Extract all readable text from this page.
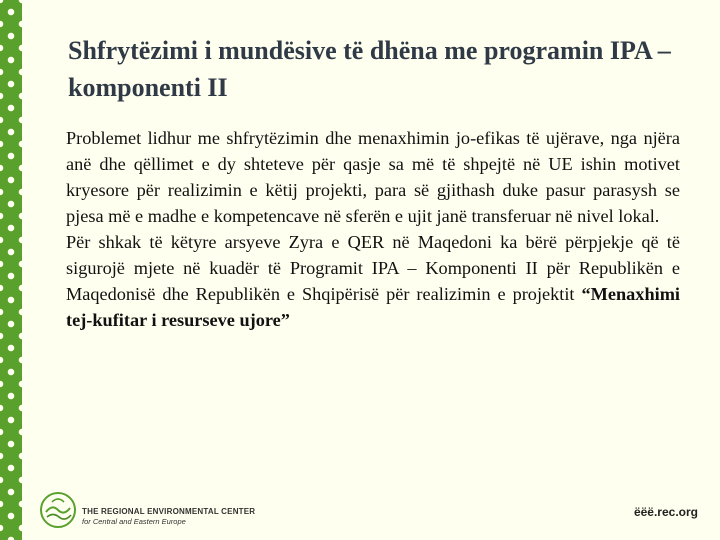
Shfrytëzimi i mundësive të dhëna me programin IPA – komponenti II

Problemet lidhur me shfrytëzimin dhe menaxhimin jo-efikas të ujërave, nga njëra anë dhe qëllimet e dy shteteve për qasje sa më të shpejtë në UE ishin motivet kryesore për realizimin e këtij projekti, para së gjithash duke pasur parasysh se pjesa më e madhe e kompetencave në sferën e ujit janë transferuar në nivel lokal.

Për shkak të këtyre arsyeve Zyra e QER në Maqedoni ka bërë përpjekje që të sigurojë mjete në kuadër të Programit IPA – Komponenti II për Republikën e Maqedonisë dhe Republikën e Shqipërisë për realizimin e projektit “Menaxhimi tej-kufitar i resurseve ujore”

THE REGIONAL ENVIRONMENTAL CENTER
for Central and Eastern Europe
ëëë.rec.org
